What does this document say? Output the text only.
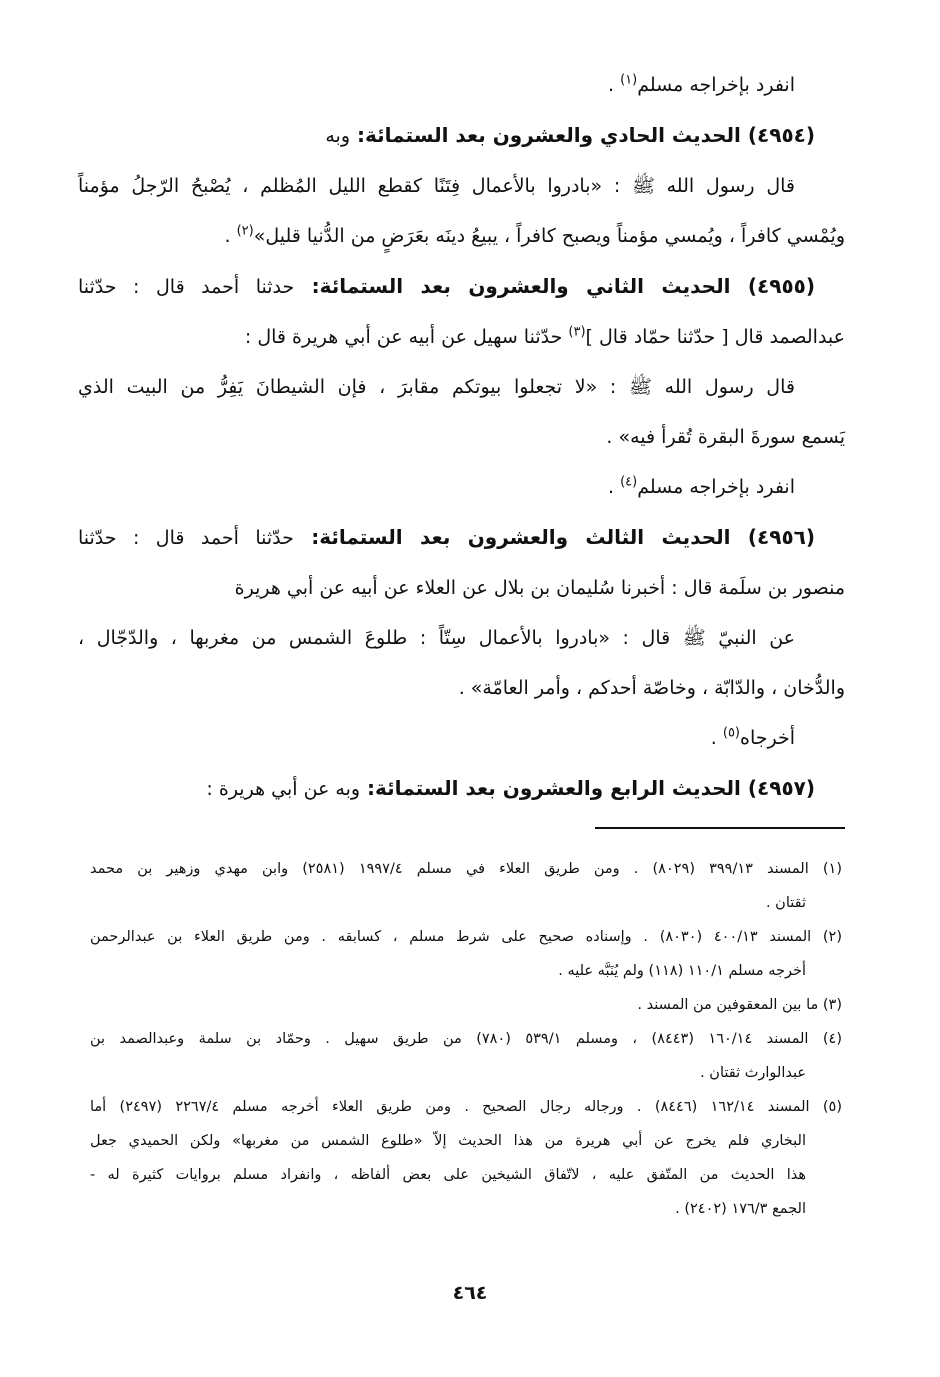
انفرد بإخراجه مسلم$^{(١)}$ .
(٤٩٥٤) الحديث الحادي والعشرون بعد الستمائة: وبه
قال رسول الله ﷺ : «بادروا بالأعمال فِتَنًا كقطع الليل المُظلم ، يُصْبحُ الرّجلُ مؤمناً
ويُمْسي كافراً ، ويُمسي مؤمناً ويصبح كافراً ، يبيعُ دينَه بعَرَضٍ من الدُّنيا قليل»$^{(٢)}$ .
(٤٩٥٥) الحديث الثاني والعشرون بعد الستمائة: حدثنا أحمد قال : حدّثنا
عبدالصمد قال [ حدّثنا حمّاد قال ]$^{(٣)}$ حدّثنا سهيل عن أبيه عن أبي هريرة قال :
قال رسول الله ﷺ : «لا تجعلوا بيوتكم مقابرَ ، فإن الشيطانَ يَفِرُّ من البيت الذي
يَسمع سورةَ البقرة تُقرأ فيه» .
انفرد بإخراجه مسلم$^{(٤)}$ .
(٤٩٥٦) الحديث الثالث والعشرون بعد الستمائة: حدّثنا أحمد قال : حدّثنا
منصور بن سلَمة قال : أخبرنا سُليمان بن بلال عن العلاء عن أبيه عن أبي هريرة
عن النبيّ ﷺ قال : «بادروا بالأعمال سِتّاً : طلوعَ الشمس من مغربها ، والدّجّال ،
والدُّخان ، والدّابّة ، وخاصّة أحدكم ، وأمر العامّة» .
أخرجاه$^{(٥)}$ .
(٤٩٥٧) الحديث الرابع والعشرون بعد الستمائة: وبه عن أبي هريرة :
(١) المسند ٣٩٩/١٣ (٨٠٢٩) . ومن طريق العلاء في مسلم ١٩٩٧/٤ (٢٥٨١) وابن مهدي وزهير بن محمد
ثقتان .
(٢) المسند ٤٠٠/١٣ (٨٠٣٠) . وإسناده صحيح على شرط مسلم ، كسابقه . ومن طريق العلاء بن عبدالرحمن
أخرجه مسلم ١١٠/١ (١١٨) ولم يُنَبَّه عليه .
(٣) ما بين المعقوفين من المسند .
(٤) المسند ١٦٠/١٤ (٨٤٤٣) ، ومسلم ٥٣٩/١ (٧٨٠) من طريق سهيل . وحمّاد بن سلمة وعبدالصمد بن
عبدالوارث ثقتان .
(٥) المسند ١٦٢/١٤ (٨٤٤٦) . ورجاله رجال الصحيح . ومن طريق العلاء أخرجه مسلم ٢٢٦٧/٤ (٢٤٩٧) أما
البخاري فلم يخرج عن أبي هريرة من هذا الحديث إلاّ «طلوع الشمس من مغربها» ولكن الحميدي جعل
هذا الحديث من المتّفق عليه ، لاتّفاق الشيخين على بعض ألفاظه ، وانفراد مسلم بروايات كثيرة له -
الجمع ١٧٦/٣ (٢٤٠٢) .
٤٦٤
